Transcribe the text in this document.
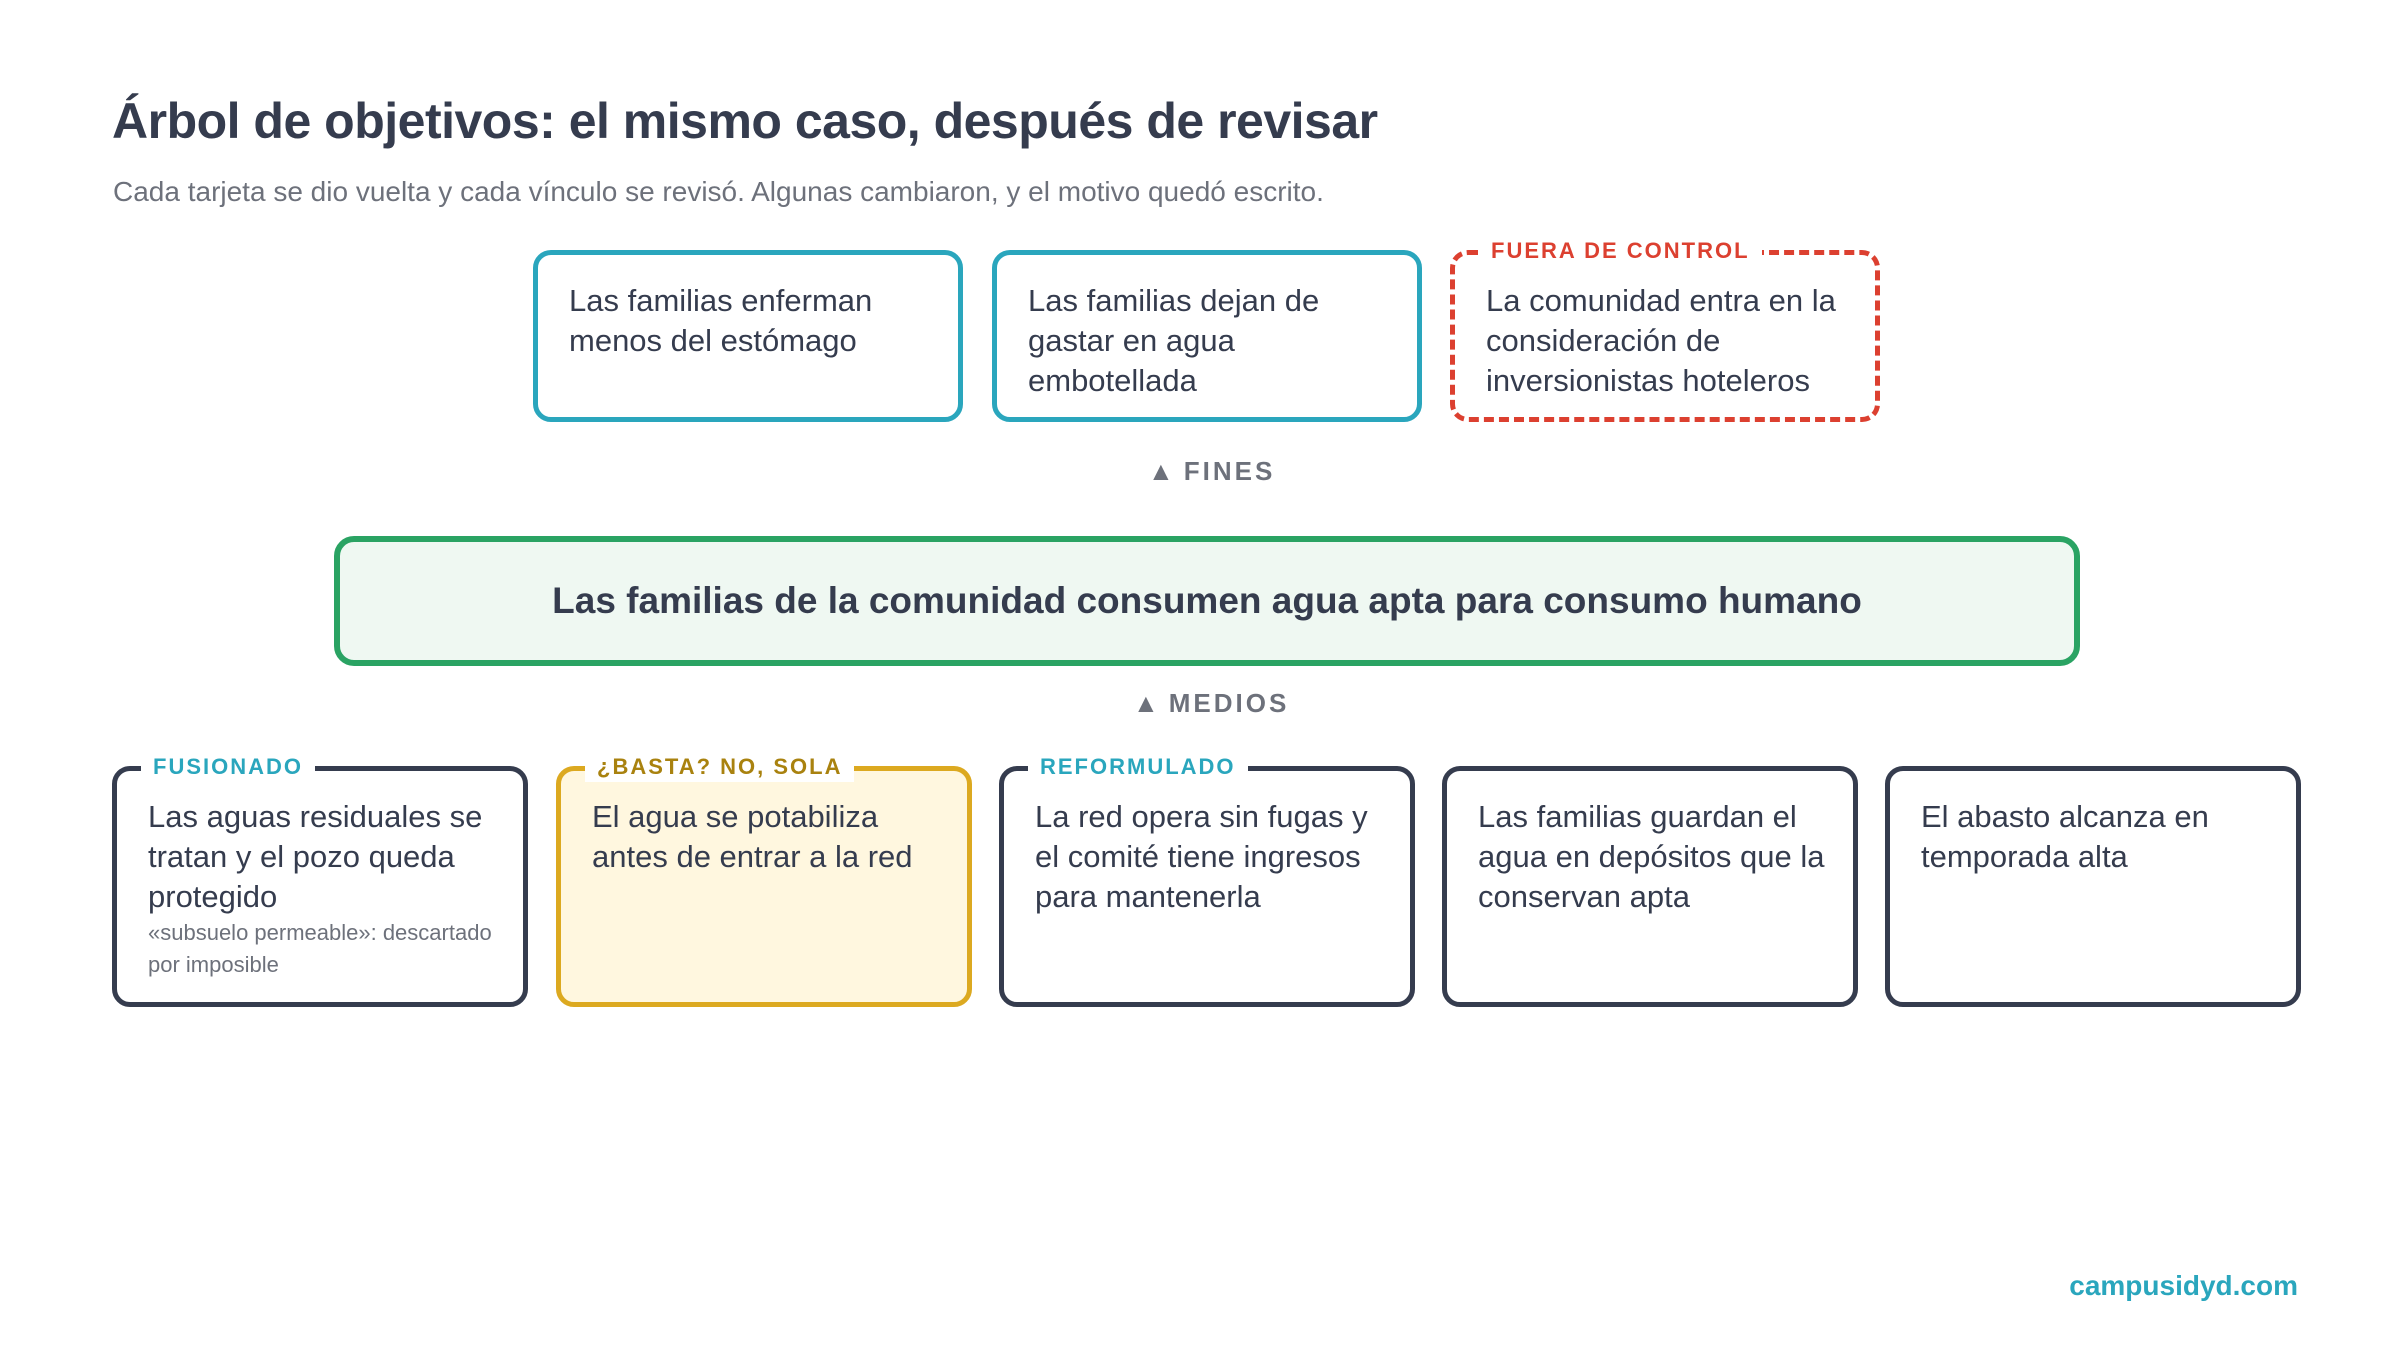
Árbol de objetivos: el mismo caso, después de revisar
Cada tarjeta se dio vuelta y cada vínculo se revisó. Algunas cambiaron, y el motivo quedó escrito.
Las familias enferman menos del estómago
Las familias dejan de gastar en agua embotellada
FUERA DE CONTROL
La comunidad entra en la consideración de inversionistas hoteleros
▲ FINES
Las familias de la comunidad consumen agua apta para consumo humano
▲ MEDIOS
FUSIONADO
Las aguas residuales se tratan y el pozo queda protegido
«subsuelo permeable»: descartado por imposible
¿BASTA? NO, SOLA
El agua se potabiliza antes de entrar a la red
REFORMULADO
La red opera sin fugas y el comité tiene ingresos para mantenerla
Las familias guardan el agua en depósitos que la conservan apta
El abasto alcanza en temporada alta
campusidyd.com
